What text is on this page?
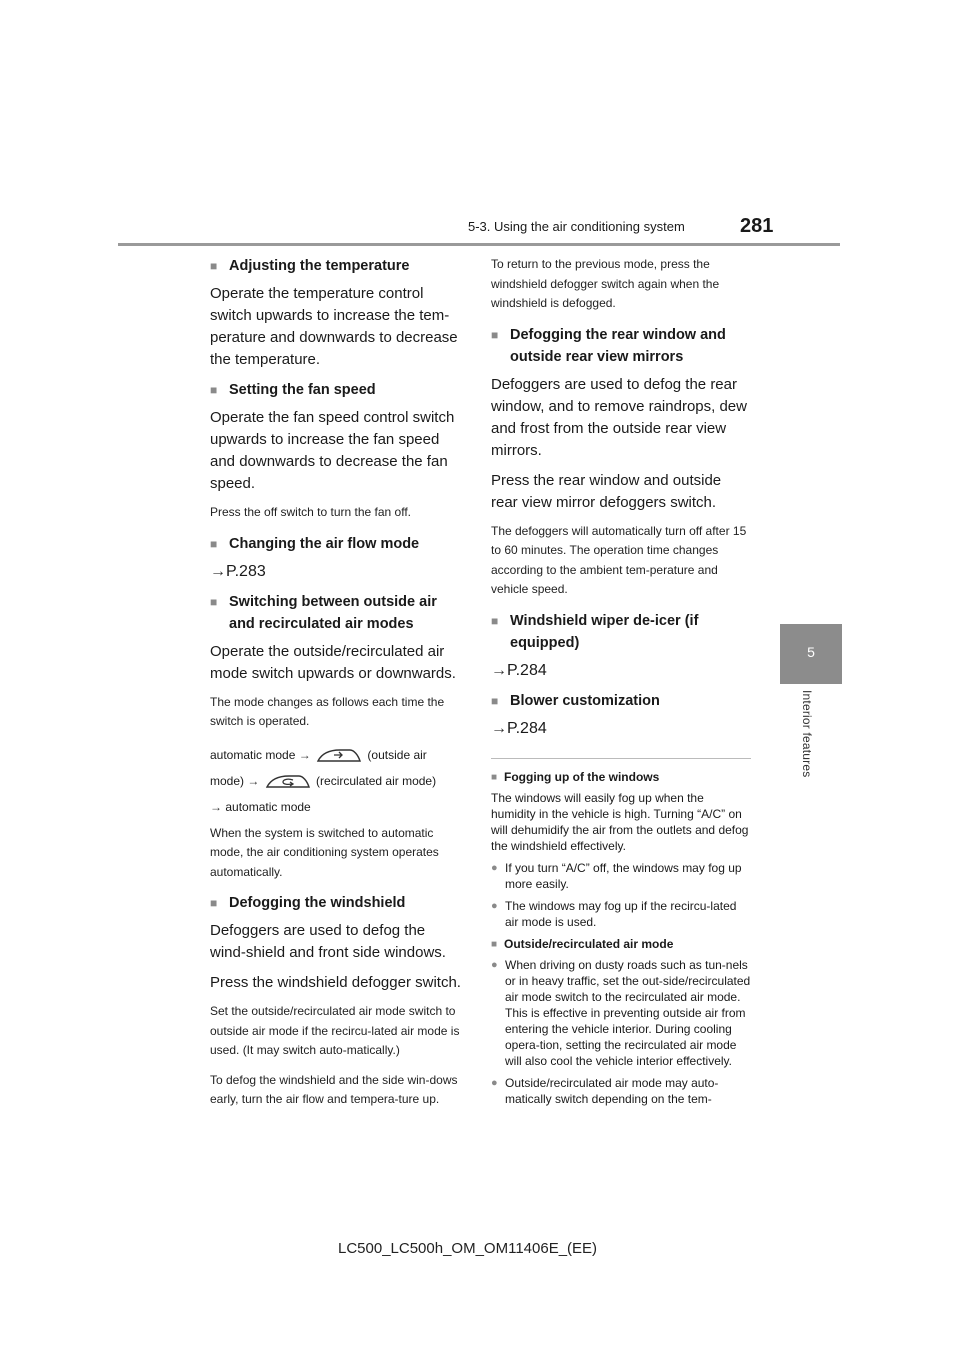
5-3. Using the air conditioning system	281
5
Interior features

■ Adjusting the temperature

Operate the temperature control switch upwards to increase the tem-perature and downwards to decrease the temperature.

■ Setting the fan speed

Operate the fan speed control switch upwards to increase the fan speed and downwards to decrease the fan speed.

Press the off switch to turn the fan off.

■ Changing the air flow mode

→P.283

■ Switching between outside air and recirculated air modes

Operate the outside/recirculated air mode switch upwards or downwards.

The mode changes as follows each time the switch is operated.

automatic mode →	(outside air mode) →	(recirculated air mode)
→ automatic mode

When the system is switched to automatic mode, the air conditioning system operates automatically.

■ Defogging the windshield

Defoggers are used to defog the wind-shield and front side windows.

Press the windshield defogger switch.

Set the outside/recirculated air mode switch to outside air mode if the recircu-lated air mode is used. (It may switch auto-matically.)

To defog the windshield and the side win-dows early, turn the air flow and tempera-ture up.

To return to the previous mode, press the windshield defogger switch again when the windshield is defogged.

■ Defogging the rear window and outside rear view mirrors

Defoggers are used to defog the rear window, and to remove raindrops, dew and frost from the outside rear view mirrors.

Press the rear window and outside rear view mirror defoggers switch.

The defoggers will automatically turn off after 15 to 60 minutes. The operation time changes according to the ambient tem-perature and vehicle speed.

■ Windshield wiper de-icer (if equipped)

→P.284

■ Blower customization

→P.284

■ Fogging up of the windows

The windows will easily fog up when the humidity in the vehicle is high. Turning “A/C” on will dehumidify the air from the outlets and defog the windshield effectively.

● If you turn “A/C” off, the windows may fog up more easily.

● The windows may fog up if the recircu-lated air mode is used.

■ Outside/recirculated air mode

● When driving on dusty roads such as tun-nels or in heavy traffic, set the out-side/recirculated air mode switch to the recirculated air mode. This is effective in preventing outside air from entering the vehicle interior. During cooling opera-tion, setting the recirculated air mode will also cool the vehicle interior effectively.

● Outside/recirculated air mode may auto-matically switch depending on the tem-

LC500_LC500h_OM_OM11406E_(EE)
